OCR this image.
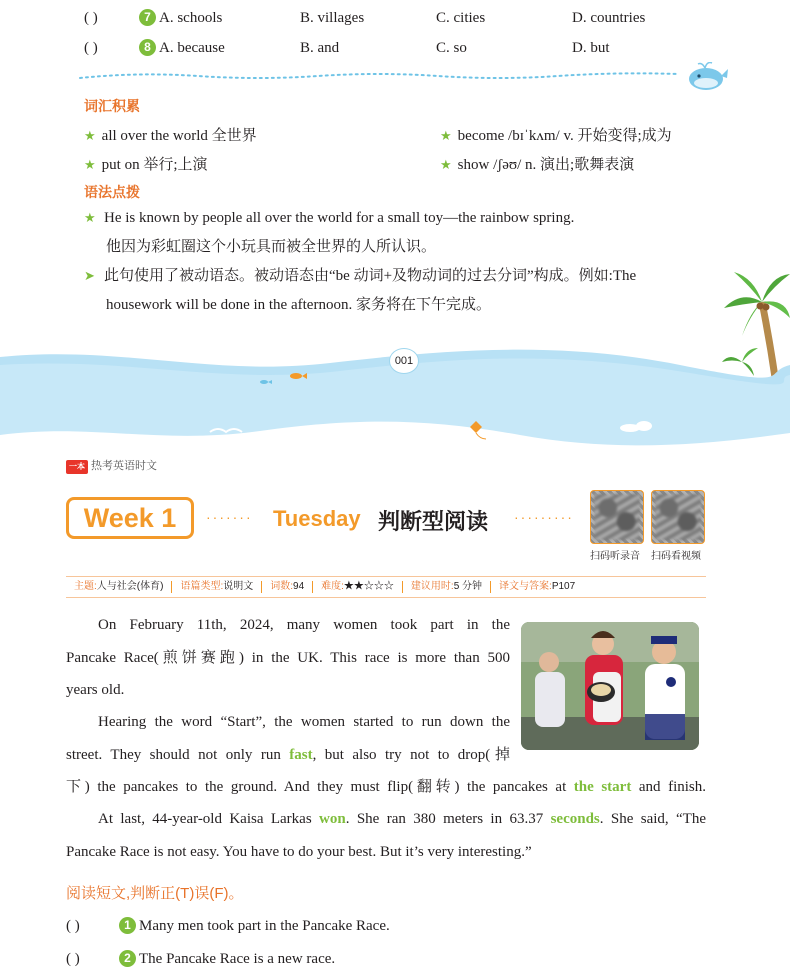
( )	7 A. schools	B. villages	C. cities	D. countries
( )	8 A. because	B. and	C. so	D. but
词汇积累
★ all over the world 全世界	★ become /bɪˈkʌm/ v. 开始变得;成为
★ put on 举行;上演	★ show /ʃəʊ/ n. 演出;歌舞表演
语法点拨
★ He is known by people all over the world for a small toy—the rainbow spring.
他因为彩虹圈这个小玩具而被全世界的人所认识。
➤ 此句使用了被动语态。被动语态由“be 动词+及物动词的过去分词”构成。例如:The
housework will be done in the afternoon. 家务将在下午完成。
001
一本 热考英语时文
Week 1	······· Tuesday 判断型阅读 ·········
扫码听录音 扫码看视频
主题:人与社会(体育)	语篇类型:说明文	词数:94	难度:★★☆☆☆	建议用时:5 分钟	译文与答案:P107
On February 11th, 2024, many women took part in the
Pancake Race(煎饼赛跑) in the UK. This race is more than 500
years old.
Hearing the word “Start”, the women started to run down the
street. They should not only run fast, but also try not to drop(掉
下) the pancakes to the ground. And they must flip(翻转) the pancakes at the start and finish.
At last, 44-year-old Kaisa Larkas won. She ran 380 meters in 63.37 seconds. She said, “The
Pancake Race is not easy. You have to do your best. But it’s very interesting.”
阅读短文,判断正(T)误(F)。
( )	1 Many men took part in the Pancake Race.
( )	2 The Pancake Race is a new race.
